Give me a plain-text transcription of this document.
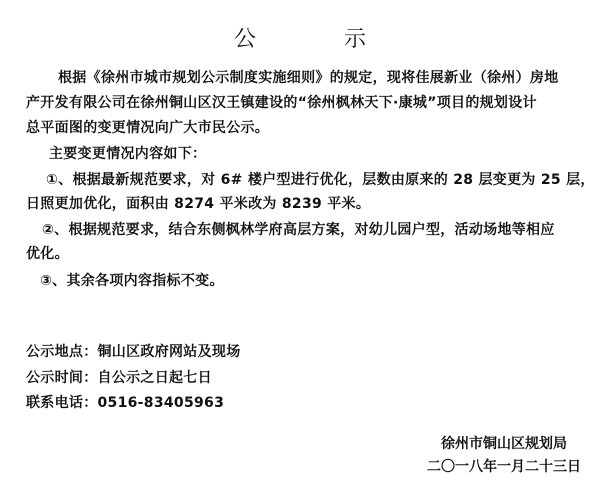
公	示
根据《徐州市城市规划公示制度实施细则》的规定，现将佳展新业（徐州）房地
产开发有限公司在徐州铜山区汉王镇建设的“徐州枫林天下·康城”项目的规划设计
总平面图的变更情况向广大市民公示。
主要变更情况内容如下：
①、根据最新规范要求，对 6# 楼户型进行优化，层数由原来的 28 层变更为 25 层，
日照更加优化，面积由 8274 平米改为 8239 平米。
②、根据规范要求，结合东侧枫林学府高层方案，对幼儿园户型，活动场地等相应
优化。
③、其余各项内容指标不变。
公示地点：铜山区政府网站及现场
公示时间：自公示之日起七日
联系电话：0516-83405963
徐州市铜山区规划局
二〇一八年一月二十三日
